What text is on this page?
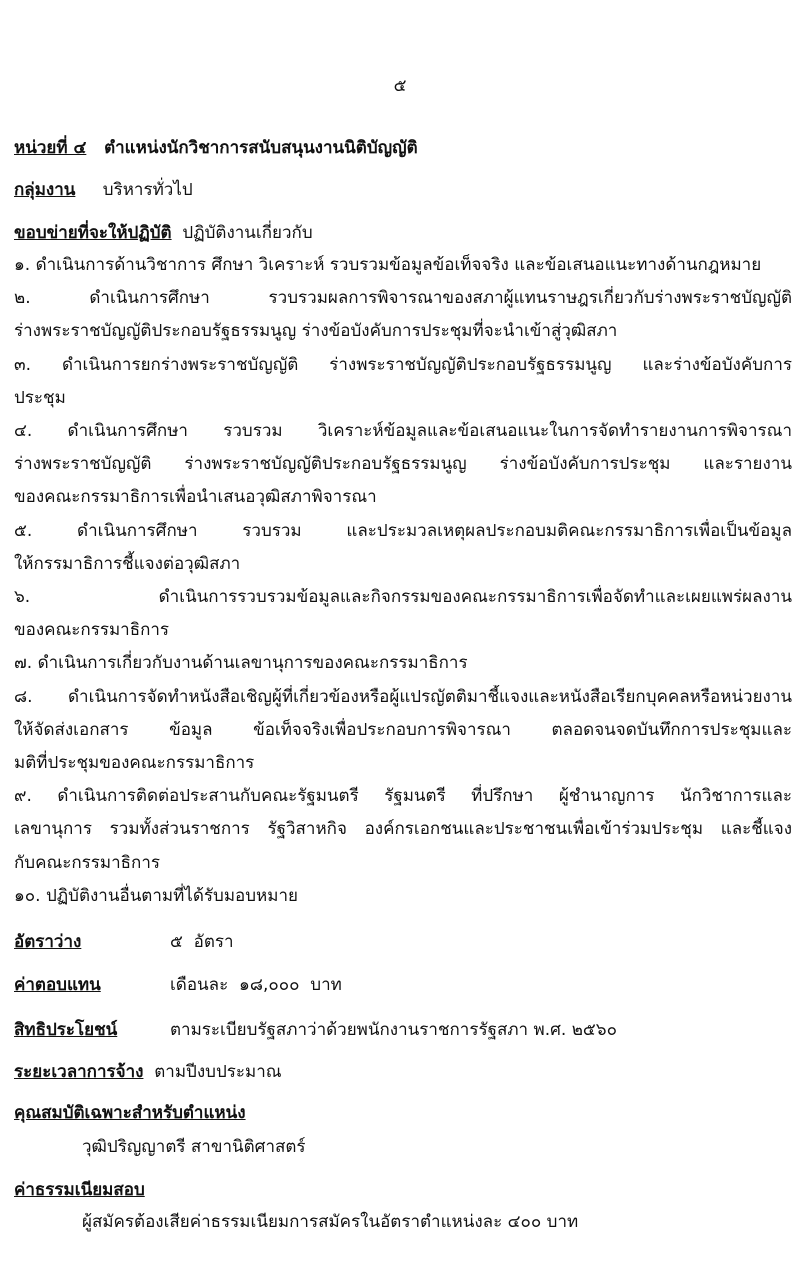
๕
หน่วยที่ ๔ ตำแหน่งนักวิชาการสนับสนุนงานนิติบัญญัติ
กลุ่มงาน บริหารทั่วไป
ขอบข่ายที่จะให้ปฏิบัติ ปฏิบัติงานเกี่ยวกับ
๑. ดำเนินการด้านวิชาการ ศึกษา วิเคราะห์ รวบรวมข้อมูลข้อเท็จจริง และข้อเสนอแนะทางด้านกฎหมาย
๒. ดำเนินการศึกษา รวบรวมผลการพิจารณาของสภาผู้แทนราษฎรเกี่ยวกับร่างพระราชบัญญัติ
ร่างพระราชบัญญัติประกอบรัฐธรรมนูญ ร่างข้อบังคับการประชุมที่จะนำเข้าสู่วุฒิสภา
๓. ดำเนินการยกร่างพระราชบัญญัติ ร่างพระราชบัญญัติประกอบรัฐธรรมนูญ และร่างข้อบังคับการ
ประชุม
๔. ดำเนินการศึกษา รวบรวม วิเคราะห์ข้อมูลและข้อเสนอแนะในการจัดทำรายงานการพิจารณา
ร่างพระราชบัญญัติ ร่างพระราชบัญญัติประกอบรัฐธรรมนูญ ร่างข้อบังคับการประชุม และรายงาน
ของคณะกรรมาธิการเพื่อนำเสนอวุฒิสภาพิจารณา
๕. ดำเนินการศึกษา รวบรวม และประมวลเหตุผลประกอบมติคณะกรรมาธิการเพื่อเป็นข้อมูล
ให้กรรมาธิการชี้แจงต่อวุฒิสภา
๖. ดำเนินการรวบรวมข้อมูลและกิจกรรมของคณะกรรมาธิการเพื่อจัดทำและเผยแพร่ผลงาน
ของคณะกรรมาธิการ
๗. ดำเนินการเกี่ยวกับงานด้านเลขานุการของคณะกรรมาธิการ
๘. ดำเนินการจัดทำหนังสือเชิญผู้ที่เกี่ยวข้องหรือผู้แปรญัตติมาชี้แจงและหนังสือเรียกบุคคลหรือหน่วยงาน
ให้จัดส่งเอกสาร ข้อมูล ข้อเท็จจริงเพื่อประกอบการพิจารณา ตลอดจนจดบันทึกการประชุมและ
มติที่ประชุมของคณะกรรมาธิการ
๙. ดำเนินการติดต่อประสานกับคณะรัฐมนตรี รัฐมนตรี ที่ปรึกษา ผู้ชำนาญการ นักวิชาการและ
เลขานุการ รวมทั้งส่วนราชการ รัฐวิสาหกิจ องค์กรเอกชนและประชาชนเพื่อเข้าร่วมประชุม และชี้แจง
กับคณะกรรมาธิการ
๑๐. ปฏิบัติงานอื่นตามที่ได้รับมอบหมาย
อัตราว่าง	๕  อัตรา
ค่าตอบแทน	เดือนละ  ๑๘,๐๐๐  บาท
สิทธิประโยชน์	ตามระเบียบรัฐสภาว่าด้วยพนักงานราชการรัฐสภา พ.ศ. ๒๕๖๐
ระยะเวลาการจ้าง ตามปีงบประมาณ
คุณสมบัติเฉพาะสำหรับตำแหน่ง
วุฒิปริญญาตรี สาขานิติศาสตร์
ค่าธรรมเนียมสอบ
ผู้สมัครต้องเสียค่าธรรมเนียมการสมัครในอัตราตำแหน่งละ ๔๐๐ บาท
